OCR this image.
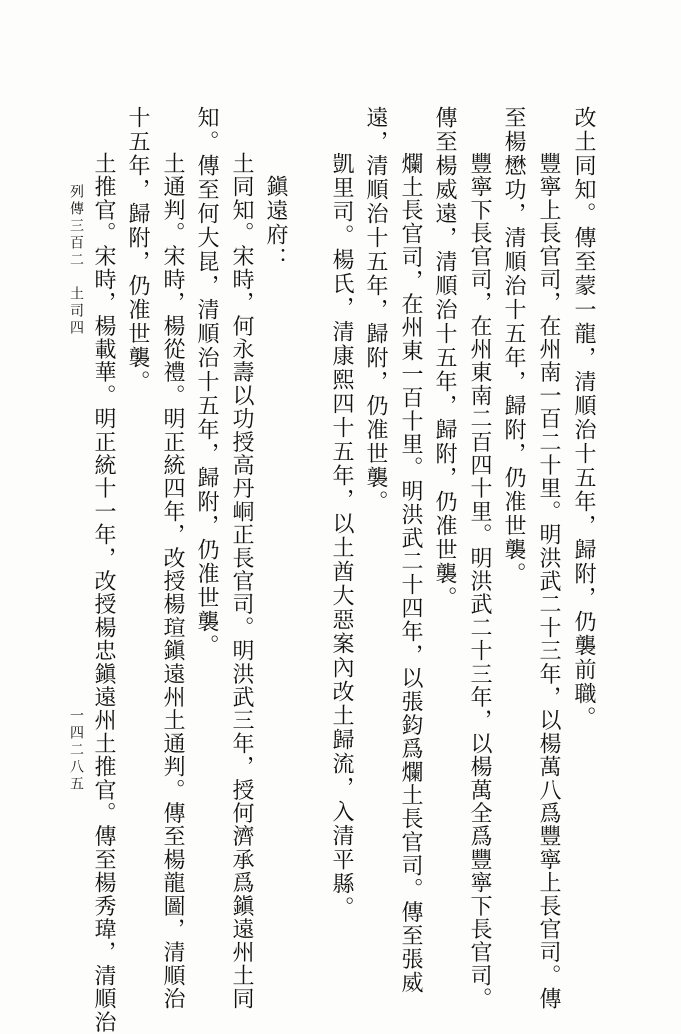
改土同知。傳至蒙一龍，清順治十五年，歸附，仍襲前職。
豐寧上長官司，在州南一百二十里。明洪武二十三年，以楊萬八爲豐寧上長官司。傳
至楊懋功，清順治十五年，歸附，仍准世襲。
豐寧下長官司，在州東南二百四十里。明洪武二十三年，以楊萬全爲豐寧下長官司。
傳至楊威遠，清順治十五年，歸附，仍准世襲。
爛土長官司，在州東一百十里。明洪武二十四年，以張鈞爲爛土長官司。傳至張威
遠，清順治十五年，歸附，仍准世襲。
凱里司。楊氏，清康熙四十五年，以土酋大惡案內改土歸流，入清平縣。
鎭遠府：
土同知。宋時，何永壽以功授高丹峒正長官司。明洪武三年，授何濟承爲鎭遠州土同
知。傳至何大昆，清順治十五年，歸附，仍准世襲。
土通判。宋時，楊從禮。明正統四年，改授楊瑄鎭遠州土通判。傳至楊龍圖，清順治
十五年，歸附，仍准世襲。
土推官。宋時，楊載華。明正統十一年，改授楊忠鎭遠州土推官。傳至楊秀瑋，清順治
列傳三百二　土司四
一四二八五
